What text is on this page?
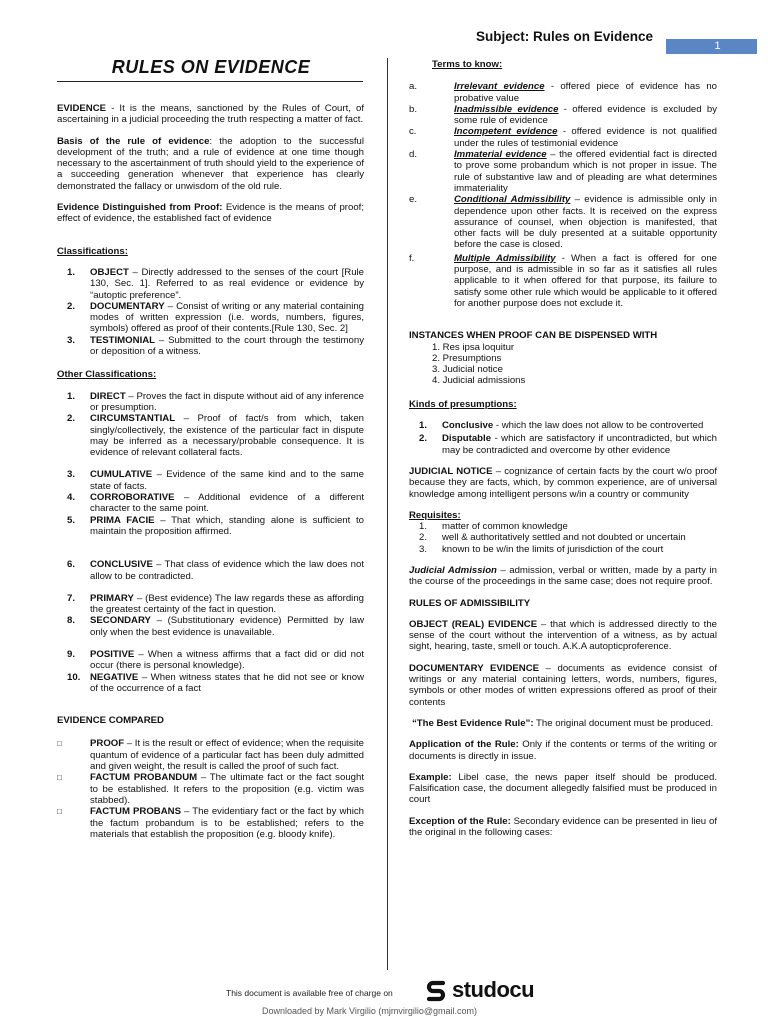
Subject: Rules on Evidence
1
RULES ON EVIDENCE

EVIDENCE - It is the means, sanctioned by the Rules of Court, of ascertaining in a judicial proceeding the truth respecting a matter of fact.

Basis of the rule of evidence: the adoption to the successful development of the truth; and a rule of evidence at one time though necessary to the ascertainment of truth should yield to the experience of a succeeding generation whenever that experience has clearly demonstrated the fallacy or unwisdom of the old rule.

Evidence Distinguished from Proof: Evidence is the means of proof; effect of evidence, the established fact of evidence

Classifications:

1.	OBJECT – Directly addressed to the senses of the court [Rule 130, Sec. 1]. Referred to as real evidence or evidence by “autoptic preference”.
2.	DOCUMENTARY – Consist of writing or any material containing modes of written expression (i.e. words, numbers, figures, symbols) offered as proof of their contents.[Rule 130, Sec. 2]
3.	TESTIMONIAL – Submitted to the court through the testimony or deposition of a witness.

Other Classifications:

1.	DIRECT – Proves the fact in dispute without aid of any inference or presumption.
2.	CIRCUMSTANTIAL – Proof of fact/s from which, taken singly/collectively, the existence of the particular fact in dispute may be inferred as a necessary/probable consequence. It is evidence of relevant collateral facts.
3.	CUMULATIVE – Evidence of the same kind and to the same state of facts.
4.	CORROBORATIVE – Additional evidence of a different character to the same point.
5.	PRIMA FACIE – That which, standing alone is sufficient to maintain the proposition affirmed.
6.	CONCLUSIVE – That class of evidence which the law does not allow to be contradicted.
7.	PRIMARY – (Best evidence) The law regards these as affording the greatest certainty of the fact in question.
8.	SECONDARY – (Substitutionary evidence) Permitted by law only when the best evidence is unavailable.
9.	POSITIVE – When a witness affirms that a fact did or did not occur (there is personal knowledge).
10.	NEGATIVE – When witness states that he did not see or know of the occurrence of a fact

EVIDENCE COMPARED

□	PROOF – It is the result or effect of evidence; when the requisite quantum of evidence of a particular fact has been duly admitted and given weight, the result is called the proof of such fact.
□	FACTUM PROBANDUM – The ultimate fact or the fact sought to be established. It refers to the proposition (e.g. victim was stabbed).
□	FACTUM PROBANS – The evidentiary fact or the fact by which the factum probandum is to be established; refers to the materials that establish the proposition (e.g. bloody knife).

Terms to know:

a.	Irrelevant evidence - offered piece of evidence has no probative value
b.	Inadmissible evidence - offered evidence is excluded by some rule of evidence
c.	Incompetent evidence - offered evidence is not qualified under the rules of testimonial evidence
d.	Immaterial evidence – the offered evidential fact is directed to prove some probandum which is not proper in issue. The rule of substantive law and of pleading are what determines immateriality
e.	Conditional Admissibility – evidence is admissible only in dependence upon other facts. It is received on the express assurance of counsel, when objection is manifested, that other facts will be duly presented at a suitable opportunity before the case is closed.
f.	Multiple Admissibility - When a fact is offered for one purpose, and is admissible in so far as it satisfies all rules applicable to it when offered for that purpose, its failure to satisfy some other rule which would be applicable to it offered for another purpose does not exclude it.

INSTANCES WHEN PROOF CAN BE DISPENSED WITH

1. Res ipsa loquitur
2. Presumptions
3. Judicial notice
4. Judicial admissions

Kinds of presumptions:

1.	Conclusive - which the law does not allow to be controverted
2.	Disputable - which are satisfactory if uncontradicted, but which may be contradicted and overcome by other evidence

JUDICIAL NOTICE – cognizance of certain facts by the court w/o proof because they are facts, which, by common experience, are of universal knowledge among intelligent persons w/in a country or community

Requisites:

1.	matter of common knowledge
2.	well & authoritatively settled and not doubted or uncertain
3.	known to be w/in the limits of jurisdiction of the court

Judicial Admission – admission, verbal or written, made by a party in the course of the proceedings in the same case; does not require proof.

RULES OF ADMISSIBILITY

OBJECT (REAL) EVIDENCE – that which is addressed directly to the sense of the court without the intervention of a witness, as by actual sight, hearing, taste, smell or touch. A.K.A autopticproference.

DOCUMENTARY EVIDENCE – documents as evidence consist of writings or any material containing letters, words, numbers, figures, symbols or other modes of written expressions offered as proof of their contents

“The Best Evidence Rule”: The original document must be produced.

Application of the Rule: Only if the contents or terms of the writing or documents is directly in issue.

Example: Libel case, the news paper itself should be produced. Falsification case, the document allegedly falsified must be produced in court

Exception of the Rule: Secondary evidence can be presented in lieu of the original in the following cases:

This document is available free of charge on	studocu
Downloaded by Mark Virgilio (mjmvirgilio@gmail.com)
